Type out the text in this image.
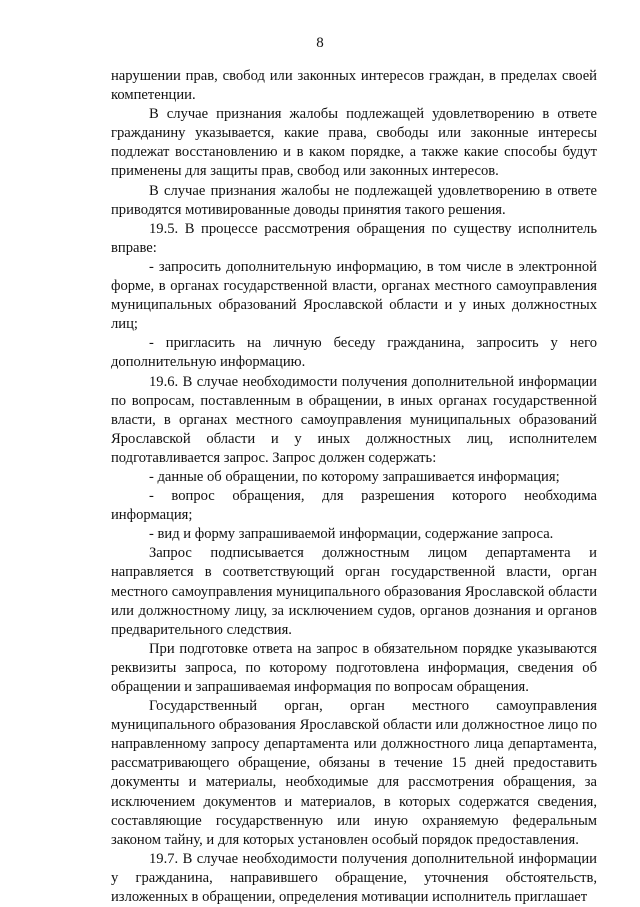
8

нарушении прав, свобод или законных интересов граждан, в пределах своей компетенции.

В случае признания жалобы подлежащей удовлетворению в ответе гражданину указывается, какие права, свободы или законные интересы подлежат восстановлению и в каком порядке, а также какие способы будут применены для защиты прав, свобод или законных интересов.

В случае признания жалобы не подлежащей удовлетворению в ответе приводятся мотивированные доводы принятия такого решения.

19.5. В процессе рассмотрения обращения по существу исполнитель вправе:

- запросить дополнительную информацию, в том числе в электронной форме, в органах государственной власти, органах местного самоуправления муниципальных образований Ярославской области и у иных должностных лиц;

- пригласить на личную беседу гражданина, запросить у него дополнительную информацию.

19.6. В случае необходимости получения дополнительной информации по вопросам, поставленным в обращении, в иных органах государственной власти, в органах местного самоуправления муниципальных образований Ярославской области и у иных должностных лиц, исполнителем подготавливается запрос. Запрос должен содержать:

- данные об обращении, по которому запрашивается информация;

- вопрос обращения, для разрешения которого необходима информация;

- вид и форму запрашиваемой информации, содержание запроса.

Запрос подписывается должностным лицом департамента и направляется в соответствующий орган государственной власти, орган местного самоуправления муниципального образования Ярославской области или должностному лицу, за исключением судов, органов дознания и органов предварительного следствия.

При подготовке ответа на запрос в обязательном порядке указываются реквизиты запроса, по которому подготовлена информация, сведения об обращении и запрашиваемая информация по вопросам обращения.

Государственный орган, орган местного самоуправления муниципального образования Ярославской области или должностное лицо по направленному запросу департамента или должностного лица департамента, рассматривающего обращение, обязаны в течение 15 дней предоставить документы и материалы, необходимые для рассмотрения обращения, за исключением документов и материалов, в которых содержатся сведения, составляющие государственную или иную охраняемую федеральным законом тайну, и для которых установлен особый порядок предоставления.

19.7. В случае необходимости получения дополнительной информации у гражданина, направившего обращение, уточнения обстоятельств, изложенных в обращении, определения мотивации исполнитель приглашает
